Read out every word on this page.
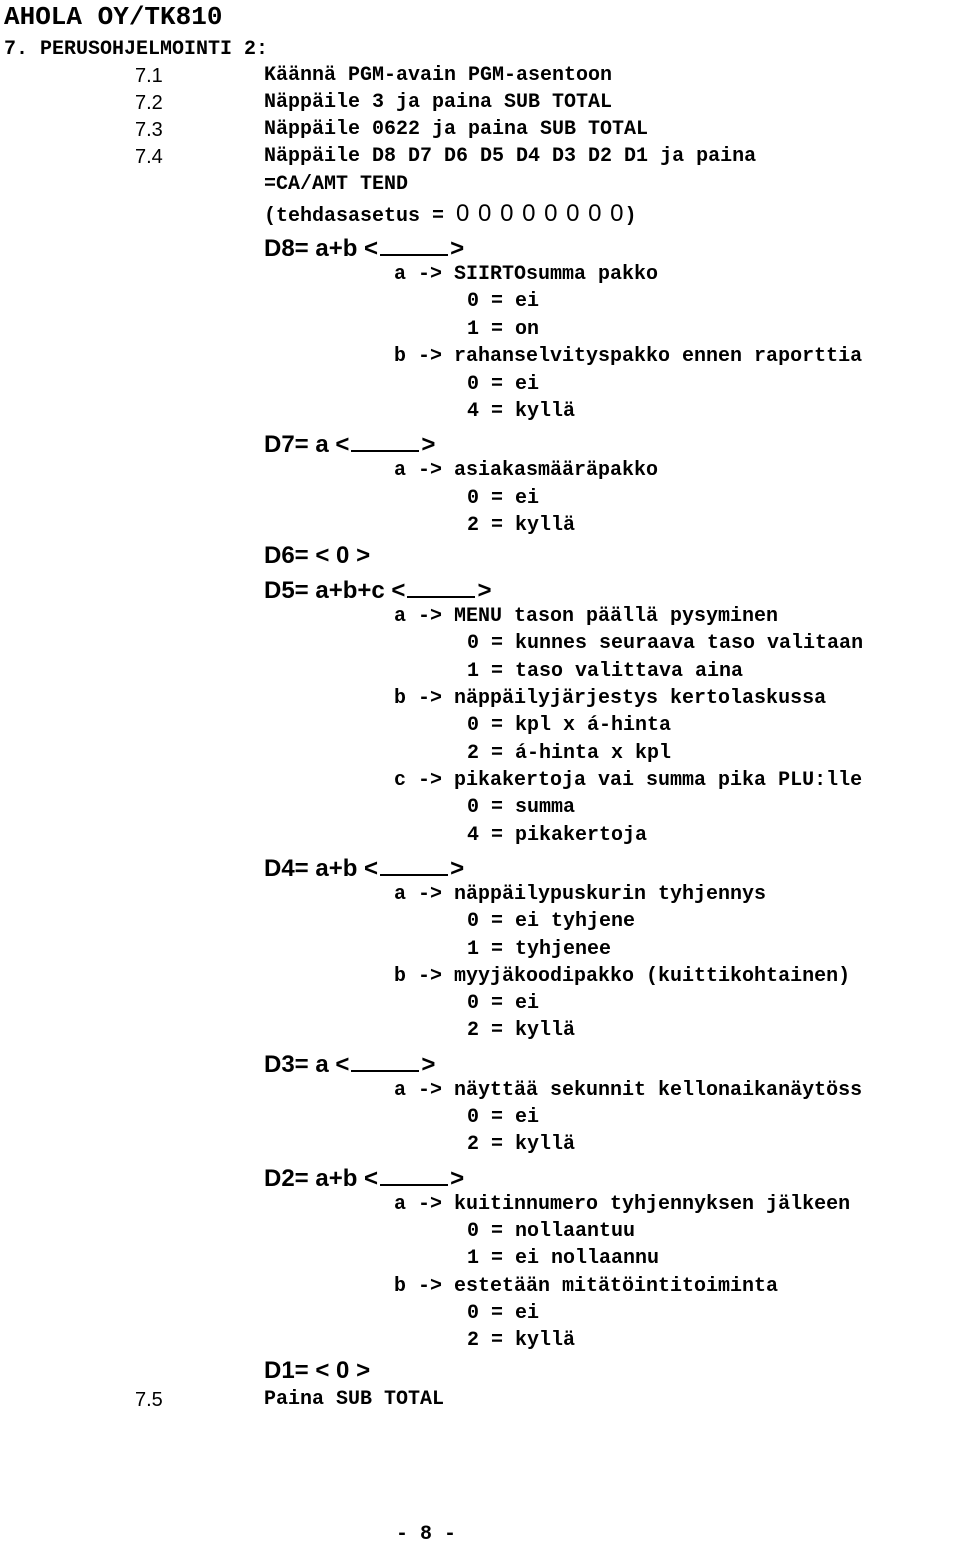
AHOLA OY/TK810
7. PERUSOHJELMOINTI 2:
7.1	Käännä PGM-avain PGM-asentoon
7.2	Näppäile 3 ja paina SUB TOTAL
7.3	Näppäile 0622 ja paina SUB TOTAL
7.4	Näppäile D8 D7 D6 D5 D4 D3 D2 D1 ja paina
=CA/AMT TEND
(tehdasasetus = 0 0 0 0 0 0 0 0)
D8= a+b <	>
a -> SIIRTOsumma pakko
0 = ei
1 = on
b -> rahanselvityspakko ennen raporttia
0 = ei
4 = kyllä
D7= a <	>
a -> asiakasmääräpakko
0 = ei
2 = kyllä
D6= < 0 >
D5= a+b+c <	>
a -> MENU tason päällä pysyminen
0 = kunnes seuraava taso valitaan
1 = taso valittava aina
b -> näppäilyjärjestys kertolaskussa
0 = kpl x á-hinta
2 = á-hinta x kpl
c -> pikakertoja vai summa pika PLU:lle
0 = summa
4 = pikakertoja
D4= a+b <	>
a -> näppäilypuskurin tyhjennys
0 = ei tyhjene
1 = tyhjenee
b -> myyjäkoodipakko (kuittikohtainen)
0 = ei
2 = kyllä
D3= a <	>
a -> näyttää sekunnit kellonaikanäytöss
0 = ei
2 = kyllä
D2= a+b <	>
a -> kuitinnumero tyhjennyksen jälkeen
0 = nollaantuu
1 = ei nollaannu
b -> estetään mitätöintitoiminta
0 = ei
2 = kyllä
D1= < 0 >
7.5	Paina SUB TOTAL
- 8 -
